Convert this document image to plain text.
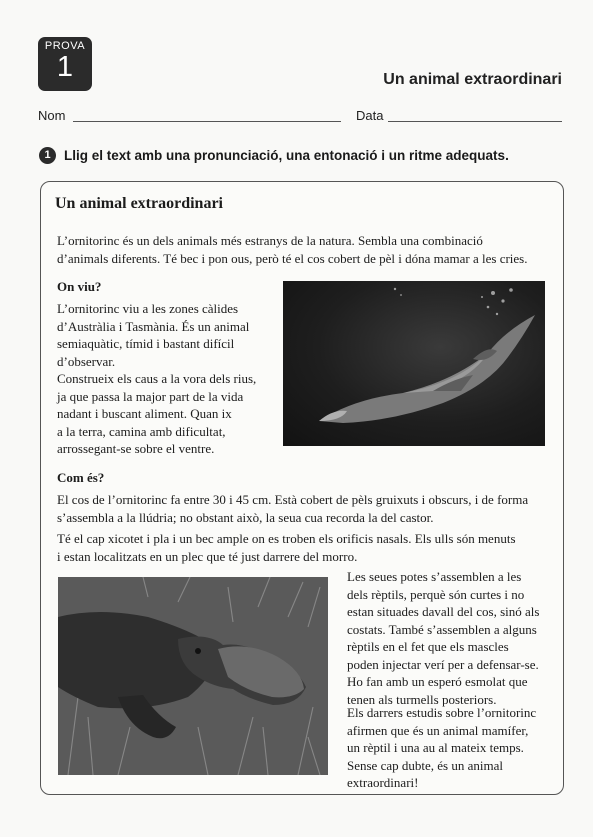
PROVA
1	Un animal extraordinari
Nom	Data
1 Llig el text amb una pronunciació, una entonació i un ritme adequats.
Un animal extraordinari

L’ornitorinc és un dels animals més estranys de la natura. Sembla una combinació
d’animals diferents. Té bec i pon ous, però té el cos cobert de pèl i dóna mamar a les cries.

On viu?

L’ornitorinc viu a les zones càlides
d’Austràlia i Tasmània. És un animal
semiaquàtic, tímid i bastant difícil
d’observar.

Construeix els caus a la vora dels rius,
ja que passa la major part de la vida
nadant i buscant aliment. Quan ix
a la terra, camina amb dificultat,
arrossegant-se sobre el ventre.

Com és?

El cos de l’ornitorinc fa entre 30 i 45 cm. Està cobert de pèls gruixuts i obscurs, i de forma
s’assembla a la llúdria; no obstant això, la seua cua recorda la del castor.

Té el cap xicotet i pla i un bec ample on es troben els orificis nasals. Els ulls són menuts
i estan localitzats en un plec que té just darrere del morro.

Les seues potes s’assemblen a les
dels rèptils, perquè són curtes i no
estan situades davall del cos, sinó als
costats. També s’assemblen a alguns
rèptils en el fet que els mascles
poden injectar verí per a defensar-se.
Ho fan amb un esperó esmolat que
tenen als turmells posteriors.

Els darrers estudis sobre l’ornitorinc
afirmen que és un animal mamífer,
un rèptil i una au al mateix temps.
Sense cap dubte, és un animal
extraordinari!
